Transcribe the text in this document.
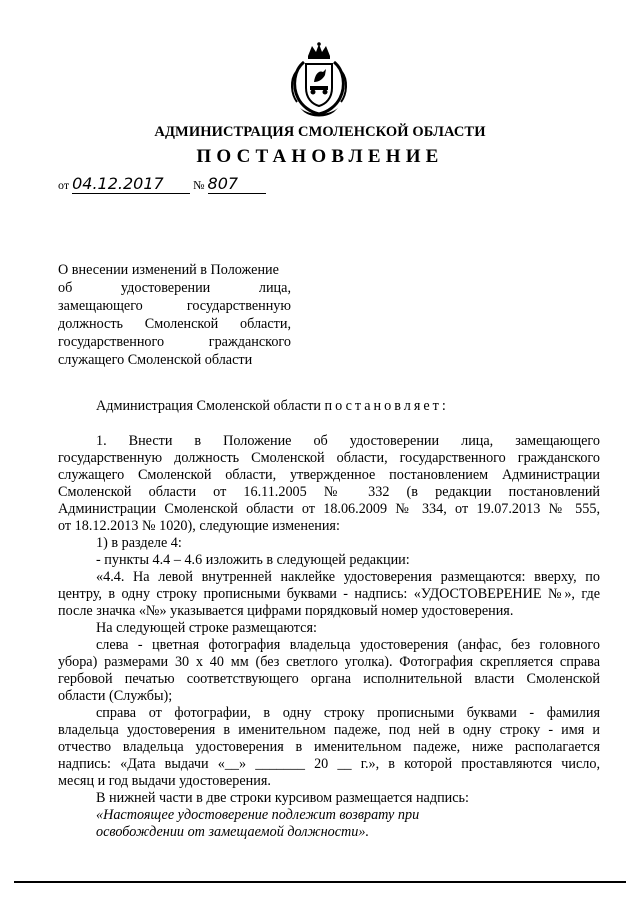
АДМИНИСТРАЦИЯ СМОЛЕНСКОЙ ОБЛАСТИ
ПОСТАНОВЛЕНИЕ
от 04.12.2017 № 807
О внесении изменений в Положение
об удостоверении лица,
замещающего государственную
должность Смоленской области,
государственного гражданского
служащего Смоленской области
Администрация Смоленской области постановляет:
1. Внести в Положение об удостоверении лица, замещающего
государственную должность Смоленской области, государственного гражданского
служащего Смоленской области, утвержденное постановлением Администрации
Смоленской области от 16.11.2005 № 332 (в редакции постановлений
Администрации Смоленской области от 18.06.2009 № 334, от 19.07.2013 № 555,
от 18.12.2013 № 1020), следующие изменения:
1) в разделе 4:
- пункты 4.4 – 4.6 изложить в следующей редакции:
«4.4. На левой внутренней наклейке удостоверения размещаются: вверху, по
центру, в одну строку прописными буквами - надпись: «УДОСТОВЕРЕНИЕ №», где
после значка «№» указывается цифрами порядковый номер удостоверения.
На следующей строке размещаются:
слева - цветная фотография владельца удостоверения (анфас, без головного
убора) размерами 30 х 40 мм (без светлого уголка). Фотография скрепляется справа
гербовой печатью соответствующего органа исполнительной власти Смоленской
области (Службы);
справа от фотографии, в одну строку прописными буквами - фамилия
владельца удостоверения в именительном падеже, под ней в одну строку - имя и
отчество владельца удостоверения в именительном падеже, ниже располагается
надпись: «Дата выдачи «__» _______ 20 __ г.», в которой проставляются число,
месяц и год выдачи удостоверения.
В нижней части в две строки курсивом размещается надпись:
«Настоящее удостоверение подлежит возврату при
освобождении от замещаемой должности».
